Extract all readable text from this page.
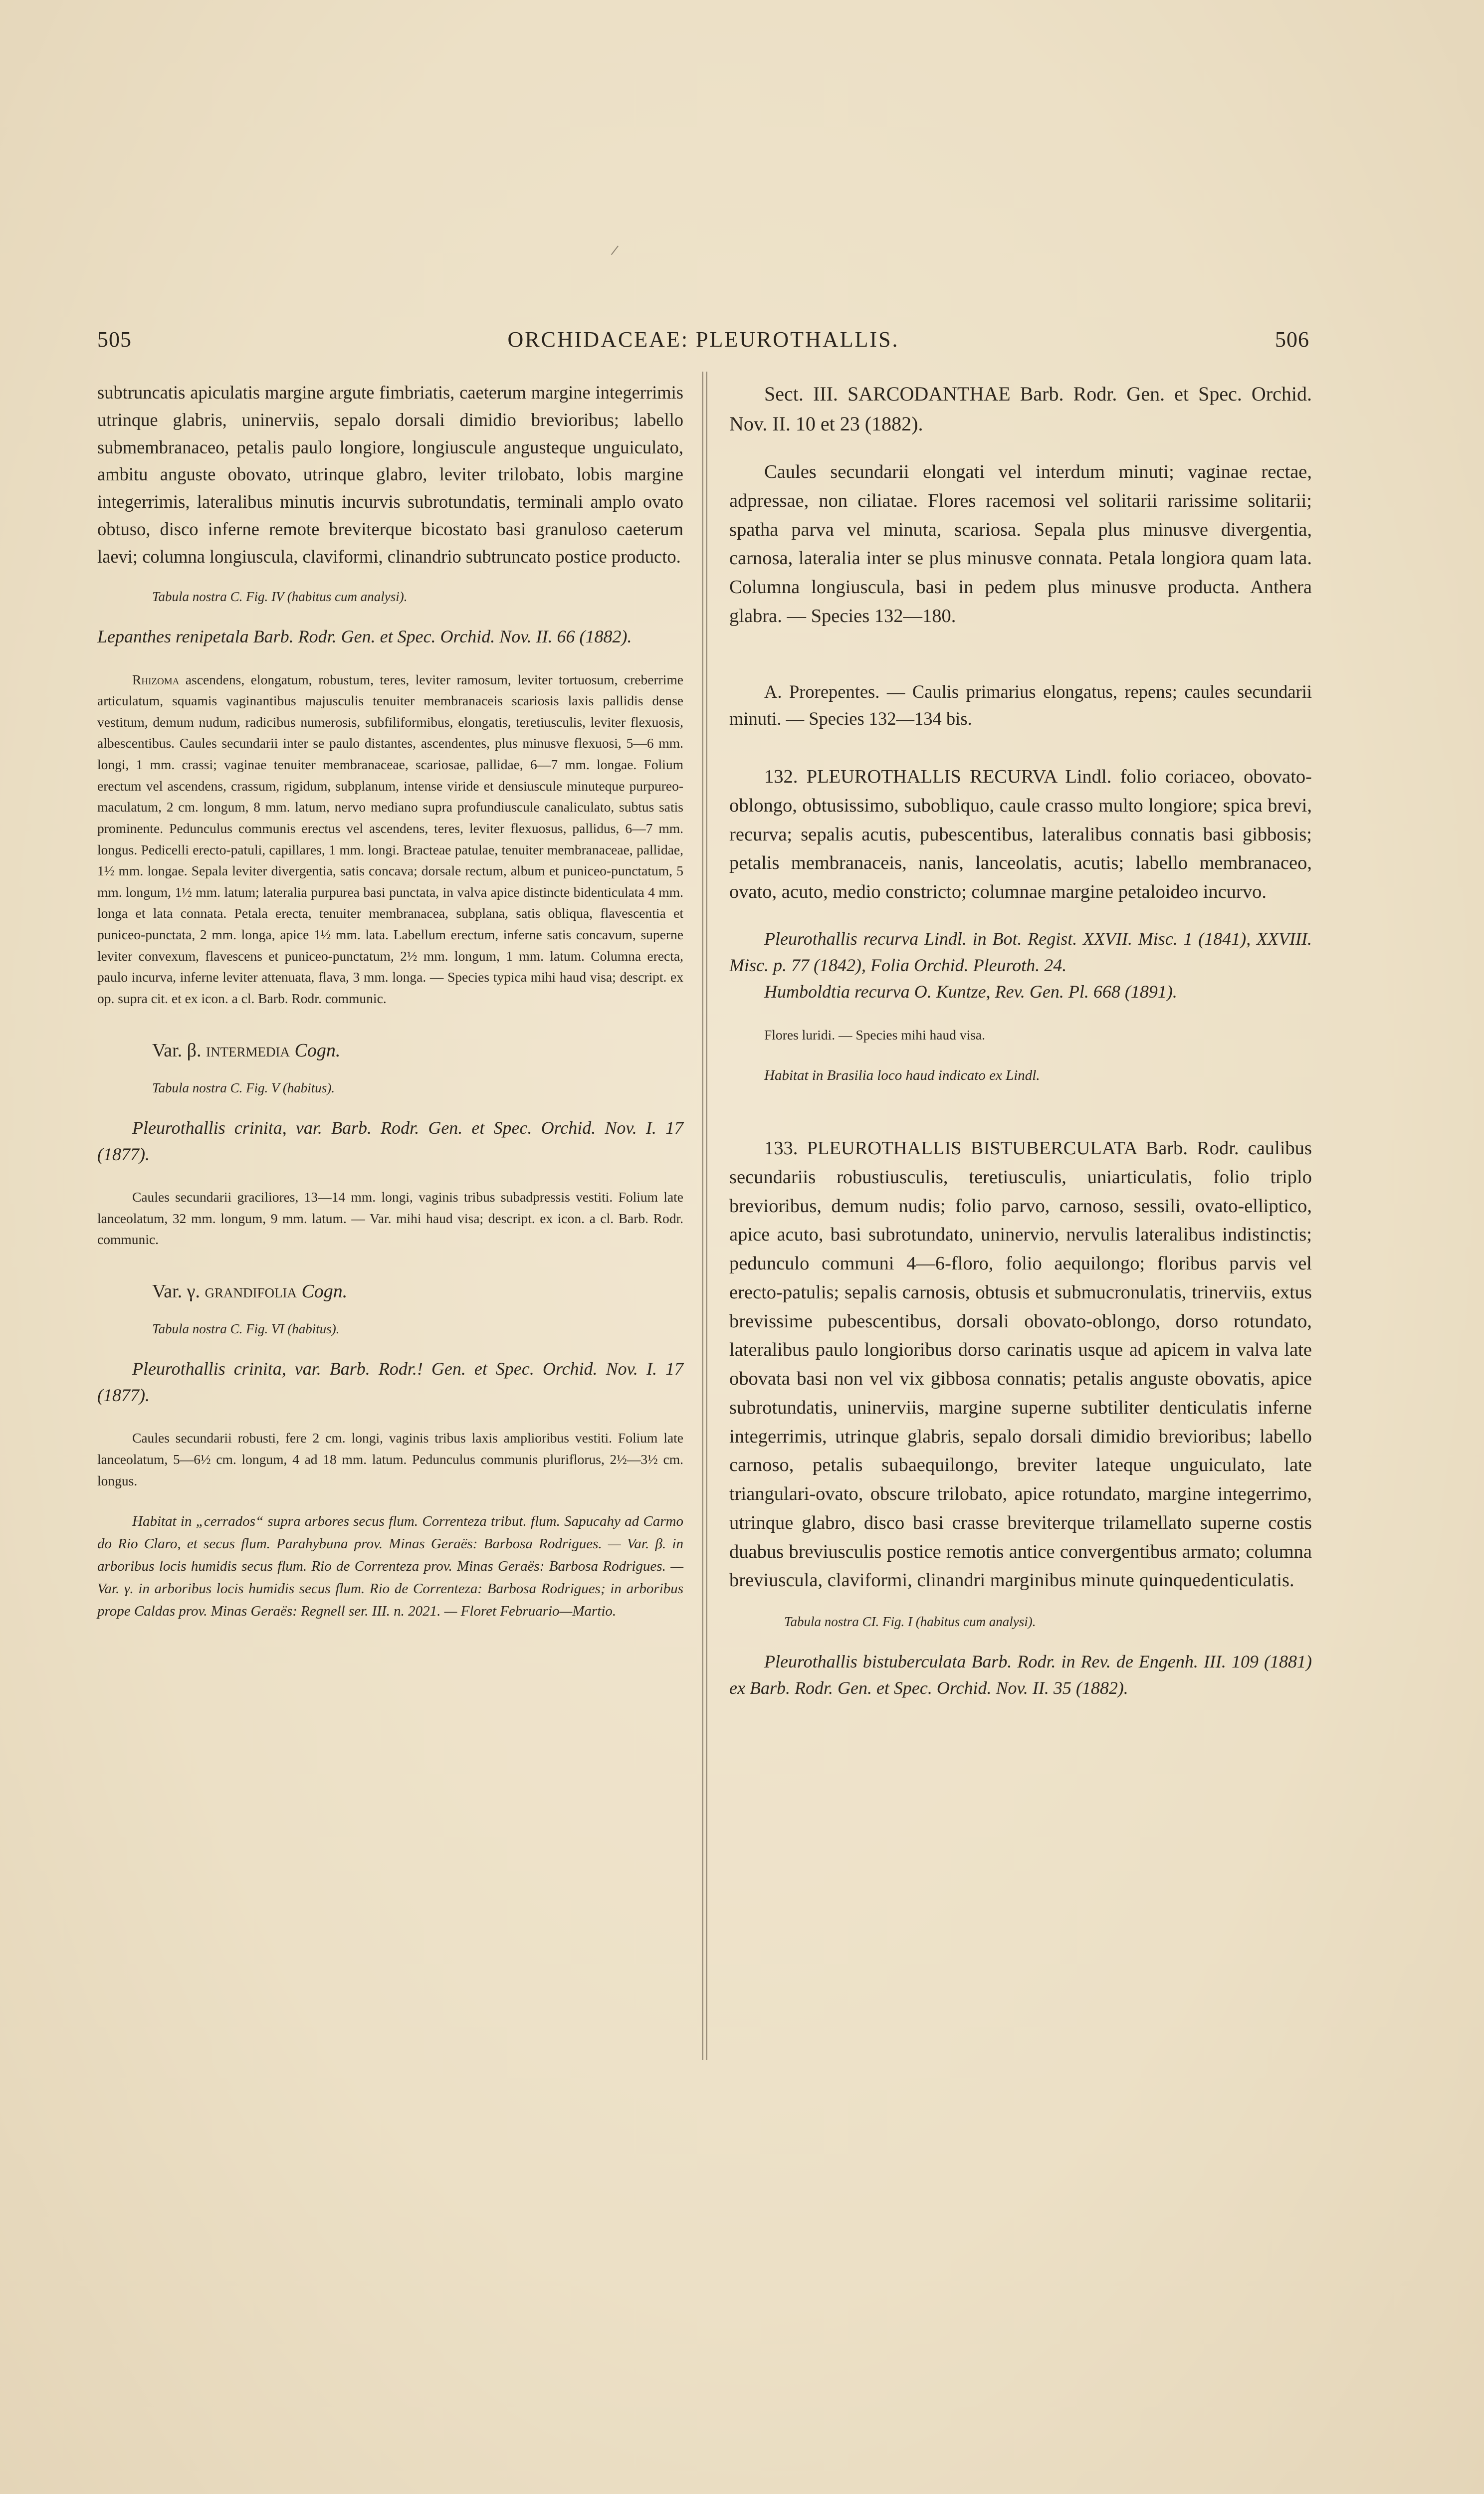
/
505	ORCHIDACEAE: PLEUROTHALLIS.	506

subtruncatis apiculatis margine argute fimbriatis, caeterum margine integerrimis utrinque glabris, uninerviis, sepalo dorsali dimidio brevioribus; labello submembranaceo, petalis paulo longiore, longiuscule angusteque unguiculato, ambitu anguste obovato, utrinque glabro, leviter trilobato, lobis margine integerrimis, lateralibus minutis incurvis subrotundatis, terminali amplo ovato obtuso, disco inferne remote breviterque bicostato basi granuloso caeterum laevi; columna longiuscula, claviformi, clinandrio subtruncato postice producto.

Tabula nostra C. Fig. IV (habitus cum analysi).

Lepanthes renipetala Barb. Rodr. Gen. et Spec. Orchid. Nov. II. 66 (1882).

Rhizoma ascendens, elongatum, robustum, teres, leviter ramosum, leviter tortuosum, creberrime articulatum, squamis vaginantibus majusculis tenuiter membranaceis scariosis laxis pallidis dense vestitum, demum nudum, radicibus numerosis, subfiliformibus, elongatis, teretiusculis, leviter flexuosis, albescentibus. Caules secundarii inter se paulo distantes, ascendentes, plus minusve flexuosi, 5—6 mm. longi, 1 mm. crassi; vaginae tenuiter membranaceae, scariosae, pallidae, 6—7 mm. longae. Folium erectum vel ascendens, crassum, rigidum, subplanum, intense viride et densiuscule minuteque purpureo-maculatum, 2 cm. longum, 8 mm. latum, nervo mediano supra profundiuscule canaliculato, subtus satis prominente. Pedunculus communis erectus vel ascendens, teres, leviter flexuosus, pallidus, 6—7 mm. longus. Pedicelli erecto-patuli, capillares, 1 mm. longi. Bracteae patulae, tenuiter membranaceae, pallidae, 1½ mm. longae. Sepala leviter divergentia, satis concava; dorsale rectum, album et puniceo-punctatum, 5 mm. longum, 1½ mm. latum; lateralia purpurea basi punctata, in valva apice distincte bidenticulata 4 mm. longa et lata connata. Petala erecta, tenuiter membranacea, subplana, satis obliqua, flavescentia et puniceo-punctata, 2 mm. longa, apice 1½ mm. lata. Labellum erectum, inferne satis concavum, superne leviter convexum, flavescens et puniceo-punctatum, 2½ mm. longum, 1 mm. latum. Columna erecta, paulo incurva, inferne leviter attenuata, flava, 3 mm. longa. — Species typica mihi haud visa; descript. ex op. supra cit. et ex icon. a cl. Barb. Rodr. communic.

Var. β. intermedia Cogn.

Tabula nostra C. Fig. V (habitus).

Pleurothallis crinita, var. Barb. Rodr. Gen. et Spec. Orchid. Nov. I. 17 (1877).

Caules secundarii graciliores, 13—14 mm. longi, vaginis tribus subadpressis vestiti. Folium late lanceolatum, 32 mm. longum, 9 mm. latum. — Var. mihi haud visa; descript. ex icon. a cl. Barb. Rodr. communic.

Var. γ. grandifolia Cogn.

Tabula nostra C. Fig. VI (habitus).

Pleurothallis crinita, var. Barb. Rodr.! Gen. et Spec. Orchid. Nov. I. 17 (1877).

Caules secundarii robusti, fere 2 cm. longi, vaginis tribus laxis amplioribus vestiti. Folium late lanceolatum, 5—6½ cm. longum, 4 ad 18 mm. latum. Pedunculus communis pluriflorus, 2½—3½ cm. longus.

Habitat in „cerrados“ supra arbores secus flum. Correnteza tribut. flum. Sapucahy ad Carmo do Rio Claro, et secus flum. Parahybuna prov. Minas Geraës: Barbosa Rodrigues. — Var. β. in arboribus locis humidis secus flum. Rio de Correnteza prov. Minas Geraës: Barbosa Rodrigues. — Var. γ. in arboribus locis humidis secus flum. Rio de Correnteza: Barbosa Rodrigues; in arboribus prope Caldas prov. Minas Geraës: Regnell ser. III. n. 2021. — Floret Februario—Martio.

Sect. III. SARCODANTHAE Barb. Rodr. Gen. et Spec. Orchid. Nov. II. 10 et 23 (1882).

Caules secundarii elongati vel interdum minuti; vaginae rectae, adpressae, non ciliatae. Flores racemosi vel solitarii rarissime solitarii; spatha parva vel minuta, scariosa. Sepala plus minusve divergentia, carnosa, lateralia inter se plus minusve connata. Petala longiora quam lata. Columna longiuscula, basi in pedem plus minusve producta. Anthera glabra. — Species 132—180.

A. Prorepentes. — Caulis primarius elongatus, repens; caules secundarii minuti. — Species 132—134 bis.

132. PLEUROTHALLIS RECURVA Lindl. folio coriaceo, obovato-oblongo, obtusissimo, subobliquo, caule crasso multo longiore; spica brevi, recurva; sepalis acutis, pubescentibus, lateralibus connatis basi gibbosis; petalis membranaceis, nanis, lanceolatis, acutis; labello membranaceo, ovato, acuto, medio constricto; columnae margine petaloideo incurvo.

Pleurothallis recurva Lindl. in Bot. Regist. XXVII. Misc. 1 (1841), XXVIII. Misc. p. 77 (1842), Folia Orchid. Pleuroth. 24.

Humboldtia recurva O. Kuntze, Rev. Gen. Pl. 668 (1891).

Flores luridi. — Species mihi haud visa.

Habitat in Brasilia loco haud indicato ex Lindl.

133. PLEUROTHALLIS BISTUBERCULATA Barb. Rodr. caulibus secundariis robustiusculis, teretiusculis, uniarticulatis, folio triplo brevioribus, demum nudis; folio parvo, carnoso, sessili, ovato-elliptico, apice acuto, basi subrotundato, uninervio, nervulis lateralibus indistinctis; pedunculo communi 4—6-floro, folio aequilongo; floribus parvis vel erecto-patulis; sepalis carnosis, obtusis et submucronulatis, trinerviis, extus brevissime pubescentibus, dorsali obovato-oblongo, dorso rotundato, lateralibus paulo longioribus dorso carinatis usque ad apicem in valva late obovata basi non vel vix gibbosa connatis; petalis anguste obovatis, apice subrotundatis, uninerviis, margine superne subtiliter denticulatis inferne integerrimis, utrinque glabris, sepalo dorsali dimidio brevioribus; labello carnoso, petalis subaequilongo, breviter lateque unguiculato, late triangulari-ovato, obscure trilobato, apice rotundato, margine integerrimo, utrinque glabro, disco basi crasse breviterque trilamellato superne costis duabus breviusculis postice remotis antice convergentibus armato; columna breviuscula, claviformi, clinandri marginibus minute quinquedenticulatis.

Tabula nostra CI. Fig. I (habitus cum analysi).

Pleurothallis bistuberculata Barb. Rodr. in Rev. de Engenh. III. 109 (1881) ex Barb. Rodr. Gen. et Spec. Orchid. Nov. II. 35 (1882).
